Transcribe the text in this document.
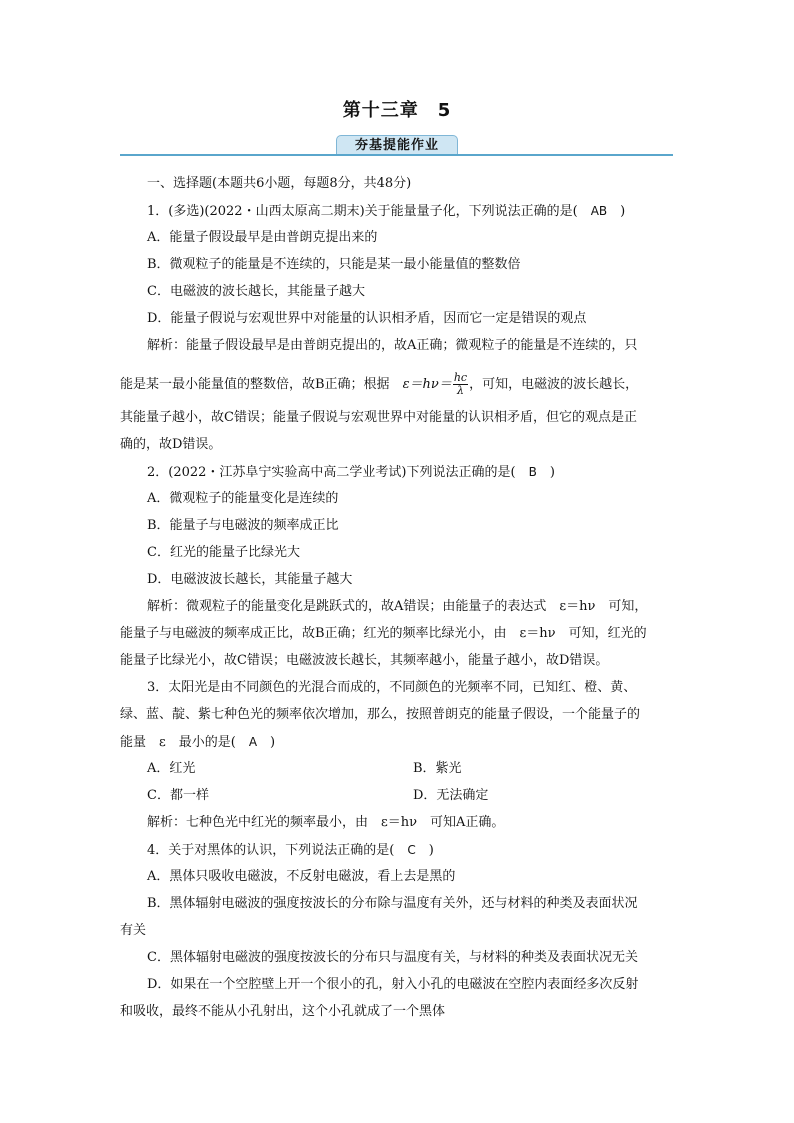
第十三章　5
夯基提能作业
一、选择题(本题共6小题，每题8分，共48分)
1．(多选)(2022・山西太原高二期末)关于能量量子化，下列说法正确的是(　AB　)
A．能量子假设最早是由普朗克提出来的
B．微观粒子的能量是不连续的，只能是某一最小能量值的整数倍
C．电磁波的波长越长，其能量子越大
D．能量子假说与宏观世界中对能量的认识相矛盾，因而它一定是错误的观点
解析：能量子假设最早是由普朗克提出的，故A正确；微观粒子的能量是不连续的，只
能是某一最小能量值的整数倍，故B正确；根据　 $\varepsilon=h\nu= \frac{hc}{\lambda}$ ，可知，电磁波的波长越长，
其能量子越小，故C错误；能量子假说与宏观世界中对能量的认识相矛盾，但它的观点是正
确的，故D错误。
2．(2022・江苏阜宁实验高中高二学业考试)下列说法正确的是(　B　)
A．微观粒子的能量变化是连续的
B．能量子与电磁波的频率成正比
C．红光的能量子比绿光大
D．电磁波波长越长，其能量子越大
解析：微观粒子的能量变化是跳跃式的，故A错误；由能量子的表达式　ε＝hν　可知，
能量子与电磁波的频率成正比，故B正确；红光的频率比绿光小，由　ε＝hν　可知，红光的
能量子比绿光小，故C错误；电磁波波长越长，其频率越小，能量子越小，故D错误。
3．太阳光是由不同颜色的光混合而成的，不同颜色的光频率不同，已知红、橙、黄、
绿、蓝、靛、紫七种色光的频率依次增加，那么，按照普朗克的能量子假设，一个能量子的
能量　ε　最小的是(　A　)
A．红光	B．紫光
C．都一样	D．无法确定
解析：七种色光中红光的频率最小，由　ε＝hν　可知A正确。
4．关于对黑体的认识，下列说法正确的是(　C　)
A．黑体只吸收电磁波，不反射电磁波，看上去是黑的
B．黑体辐射电磁波的强度按波长的分布除与温度有关外，还与材料的种类及表面状况
有关
C．黑体辐射电磁波的强度按波长的分布只与温度有关，与材料的种类及表面状况无关
D．如果在一个空腔壁上开一个很小的孔，射入小孔的电磁波在空腔内表面经多次反射
和吸收，最终不能从小孔射出，这个小孔就成了一个黑体
